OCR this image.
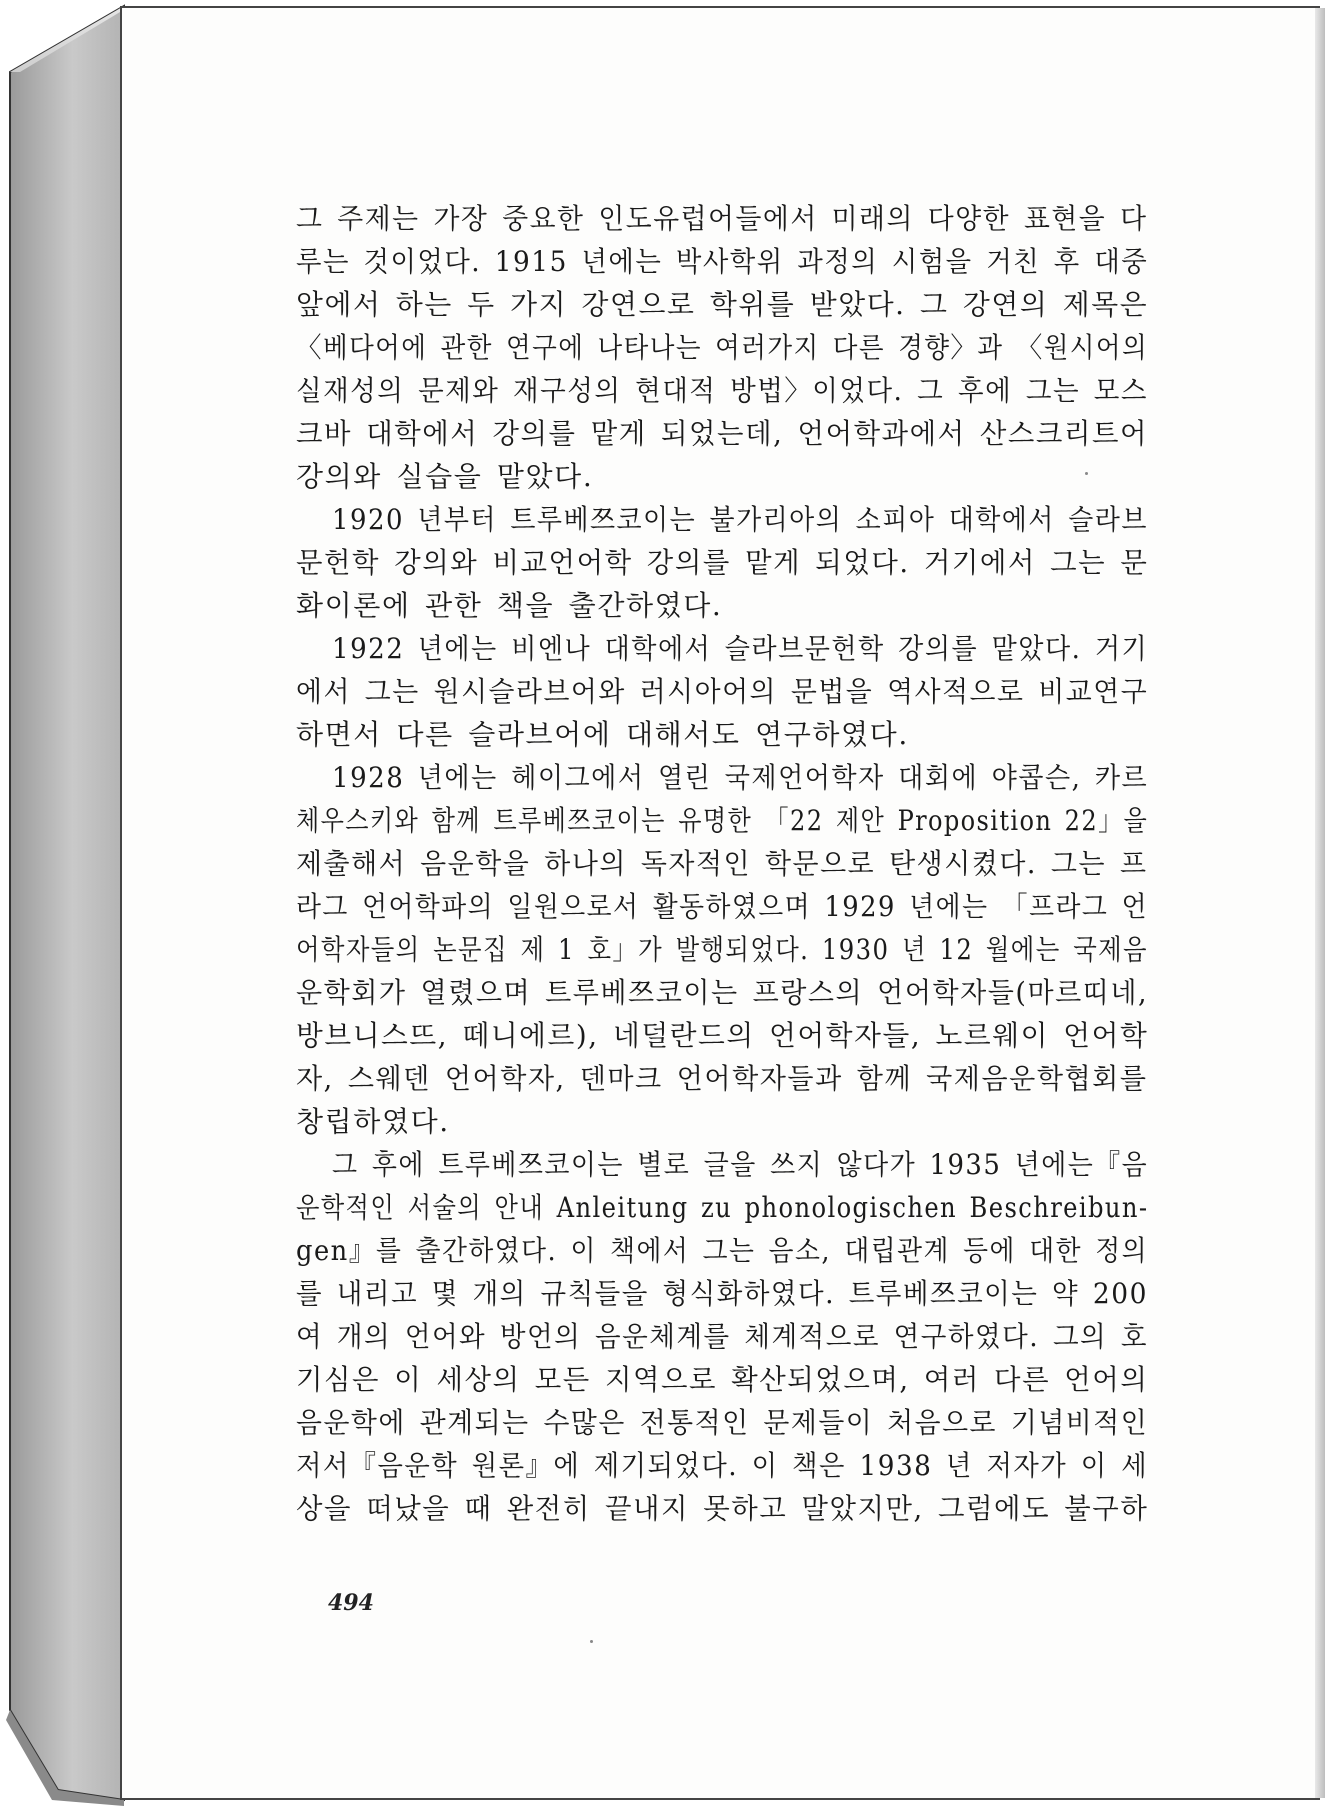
그 주제는 가장 중요한 인도유럽어들에서 미래의 다양한 표현을 다
루는 것이었다. 1915 년에는 박사학위 과정의 시험을 거친 후 대중
앞에서 하는 두 가지 강연으로 학위를 받았다. 그 강연의 제목은
〈베다어에 관한 연구에 나타나는 여러가지 다른 경향〉과 〈원시어의
실재성의 문제와 재구성의 현대적 방법〉이었다. 그 후에 그는 모스
크바 대학에서 강의를 맡게 되었는데, 언어학과에서 산스크리트어
강의와 실습을 맡았다.
1920 년부터 트루베쯔코이는 불가리아의 소피아 대학에서 슬라브
문헌학 강의와 비교언어학 강의를 맡게 되었다. 거기에서 그는 문
화이론에 관한 책을 출간하였다.
1922 년에는 비엔나 대학에서 슬라브문헌학 강의를 맡았다. 거기
에서 그는 원시슬라브어와 러시아어의 문법을 역사적으로 비교연구
하면서 다른 슬라브어에 대해서도 연구하였다.
1928 년에는 헤이그에서 열린 국제언어학자 대회에 야콥슨, 카르
체우스키와 함께 트루베쯔코이는 유명한 「22 제안 Proposition 22」을
제출해서 음운학을 하나의 독자적인 학문으로 탄생시켰다. 그는 프
라그 언어학파의 일원으로서 활동하였으며 1929 년에는 「프라그 언
어학자들의 논문집 제 1 호」가 발행되었다. 1930 년 12 월에는 국제음
운학회가 열렸으며 트루베쯔코이는 프랑스의 언어학자들(마르띠네,
방브니스뜨, 떼니에르), 네덜란드의 언어학자들, 노르웨이 언어학
자, 스웨덴 언어학자, 덴마크 언어학자들과 함께 국제음운학협회를
창립하였다.
그 후에 트루베쯔코이는 별로 글을 쓰지 않다가 1935 년에는『음
운학적인 서술의 안내 Anleitung zu phonologischen Beschreibun-
gen』를 출간하였다. 이 책에서 그는 음소, 대립관계 등에 대한 정의
를 내리고 몇 개의 규칙들을 형식화하였다. 트루베쯔코이는 약 200
여 개의 언어와 방언의 음운체계를 체계적으로 연구하였다. 그의 호
기심은 이 세상의 모든 지역으로 확산되었으며, 여러 다른 언어의
음운학에 관계되는 수많은 전통적인 문제들이 처음으로 기념비적인
저서『음운학 원론』에 제기되었다. 이 책은 1938 년 저자가 이 세
상을 떠났을 때 완전히 끝내지 못하고 말았지만, 그럼에도 불구하
494
